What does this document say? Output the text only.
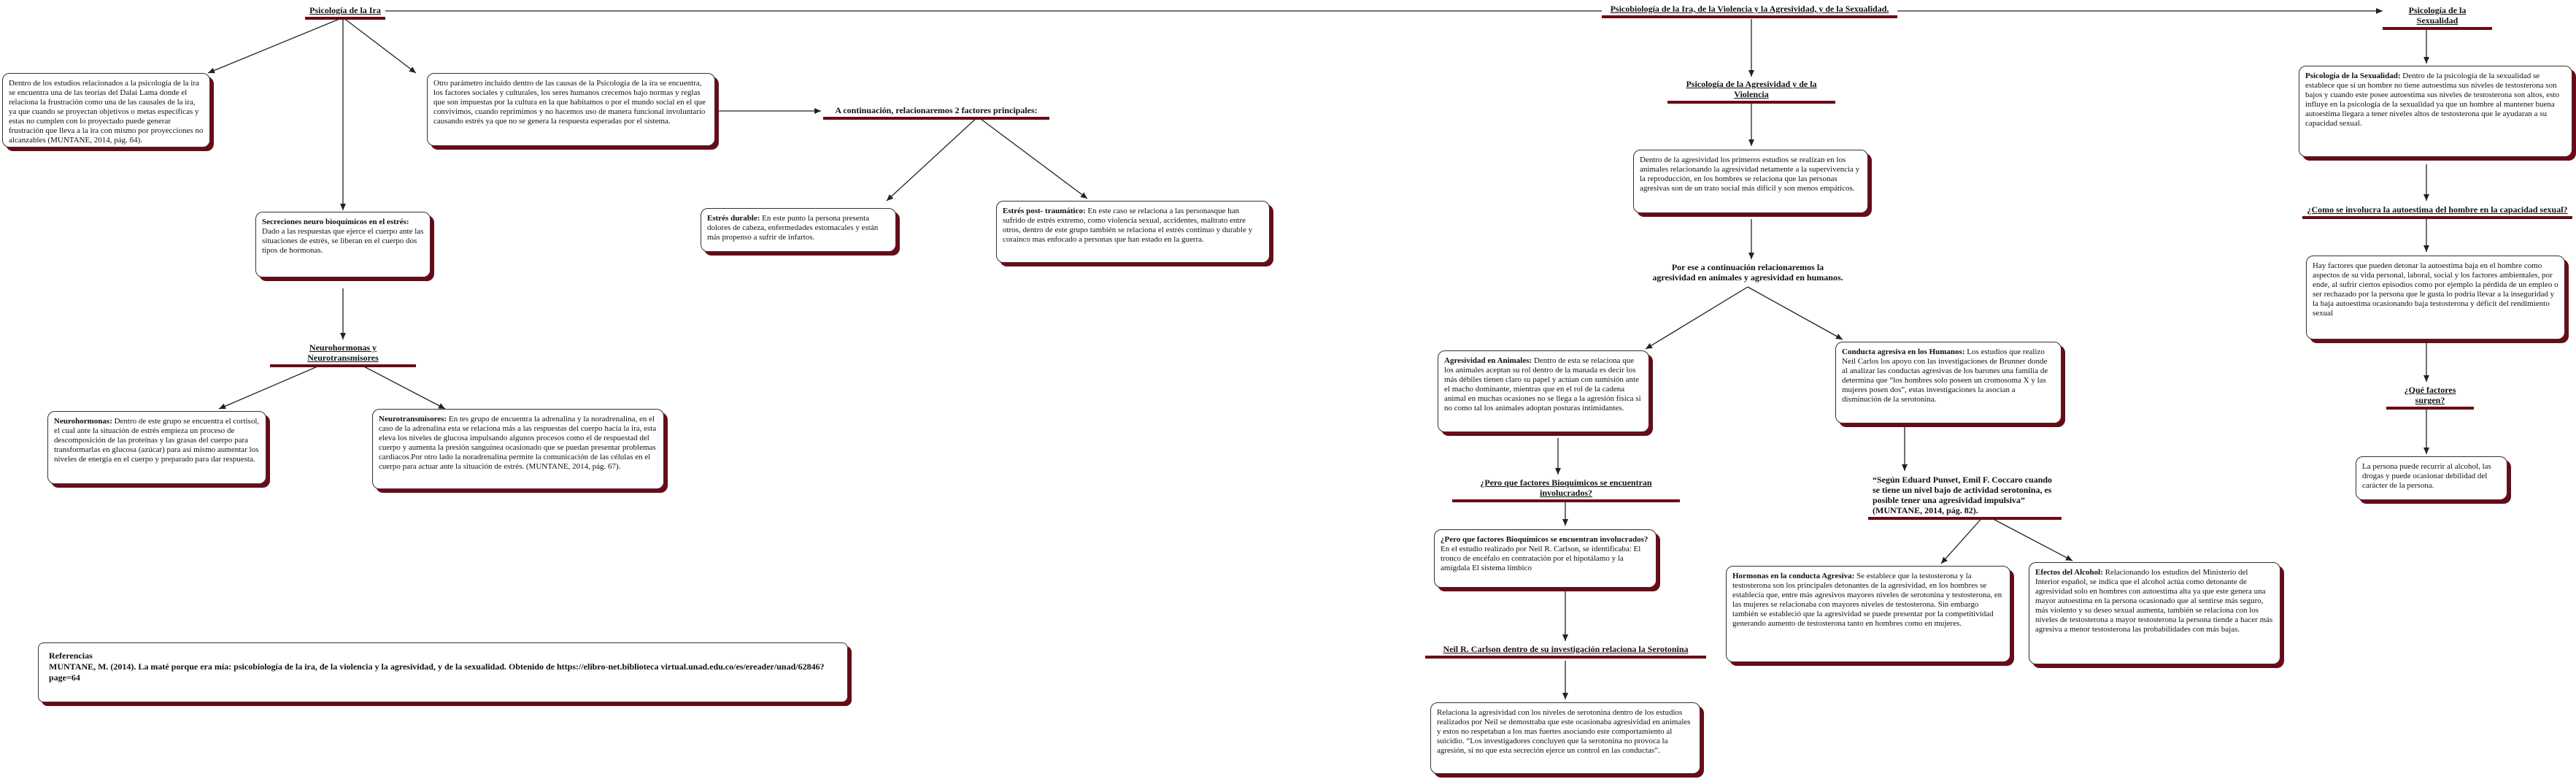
Psicología de la Ira	Psicobiología de la Ira, de la Violencia y la Agresividad, y de la Sexualidad.	Psicología de la Sexualidad
Dentro de los estudios relacionados a la psicología de la ira se encuentra una de las teorías del Dalai Lama donde el relaciona la frustración como una de las causales de la ira, ya que cuando se proyectan objetivos o metas específicas y estas no cumplen con lo proyectado puede generar frustración que lleva a la ira con mismo por proyecciones no alcanzables (MUNTANE, 2014, pág. 64).
Otro parámetro incluido dentro de las causas de la Psicología de la ira se encuentra, los factores sociales y culturales, los seres humanos crecemos bajo normas y reglas que son impuestas por la cultura en la que habitamos o por el mundo social en el que convivimos, cuando reprimimos y no hacemos uso de manera funcional involuntario causando estrés ya que no se genera la respuesta esperadas por el sistema.
A continuación, relacionaremos 2 factores principales:
Estrés durable: En este punto la persona presenta dolores de cabeza, enfermedades estomacales y están más propenso a sufrir de infartos.
Estrés post- traumático: En este caso se relaciona a las personasque han sufrido de estrés extremo, como violencia sexual, accidentes, maltrato entre otros, dentro de este grupo también se relaciona el estrés continuo y durable y coraínco mas enfocado a personas que han estado en la guerra.
Secreciones neuro bioquímicos en el estrés: Dado a las respuestas que ejerce el cuerpo ante las situaciones de estrés, se liberan en el cuerpo dos tipos de hormonas.
Neurohormonas y Neurotransmisores
Neurohormonas: Dentro de este grupo se encuentra el cortisol, el cual ante la situación de estrés empieza un proceso de descomposición de las proteínas y las grasas del cuerpo para transformarlas en glucosa (azúcar) para así mismo aumentar los niveles de energía en el cuerpo y preparado para dar respuesta.
Neurotransmisores: En tes grupo de encuentra la adrenalina y la noradrenalina, en el caso de la adrenalina esta se relaciona más a las respuestas del cuerpo hacia la ira, esta eleva los niveles de glucosa impulsando algunos procesos como el de respuestad del cuerpo y aumenta la presión sanguínea ocasionado que se puedan presentar problemas cardiacos.Por otro lado la noradrenalina permite la comunicación de las células en el cuerpo para actuar ante la situación de estrés. (MUNTANE, 2014, pág. 67).
Psicología de la Agresividad y de la Violencia
Dentro de la agresividad los primeros estudios se realizan en los animales relacionando la agresividad netamente a la supervivencia y la reproducción, en los hombres se relaciona que las personas agresivas son de un trato social más difícil y son menos empáticos.
Por ese a continuación relacionaremos la agresividad en animales y agresividad en humanos.
Agresividad en Animales: Dentro de esta se relaciona que los animales aceptan su rol dentro de la manada es decir los más débiles tienen claro su papel y actúan con sumisión ante el macho dominante, mientras que en el rol de la cadena animal en muchas ocasiones no se llega a la agresión física si no como tal los animales adoptan posturas intimidantes.
Conducta agresiva en los Humanos: Los estudios que realizo Neil Carlos los apoyo con las investigaciones de Brunner donde al analizar las conductas agresivas de los barones una familia de determina que “los hombres solo poseen un cromosoma X y las mujeres posen dos”, estas investigaciones la asocian a disminución de la serotonina.
¿Pero que factores Bioquímicos se encuentran involucrados?
¿Pero que factores Bioquímicos se encuentran involucrados? En el estudio realizado por Neil R. Carlson, se identificaba: El tronco de encéfalo en contratación por el hipotálamo y la amígdala El sistema límbico
Neil R. Carlson dentro de su investigación relaciona la Serotonina
Relaciona la agresividad con los niveles de serotonina dentro de los estudios realizados por Neil se demostraba que este ocasionaba agresividad en animales y estos no respetaban a los mas fuertes asociando este comportamiento al suicidio. “Los investigadores concluyen que la serotonina no provoca la agresión, si no que esta secreción ejerce un control en las conductas”.
“Según Eduard Punset, Emil F. Coccaro cuando se tiene un nivel bajo de actividad serotonina, es posible tener una agresividad impulsiva” (MUNTANE, 2014, pág. 82).
Hormonas en la conducta Agresiva: Se establece que la testosterona y la testosterona son los principales detonantes de la agresividad, en los hombres se establecía que, entre más agresivos mayores niveles de serotonina y testosterona, en las mujeres se relacionaba con mayores niveles de testosterona. Sin embargo también se estableció que la agresividad se puede presentar por la competitividad generando aumento de testosterona tanto en hombres como en mujeres.
Efectos del Alcohol: Relacionando los estudios del Ministerio del Interior español, se indica que el alcohol actúa como detonante de agresividad solo en hombres con autoestima alta ya que este genera una mayor autoestima en la persona ocasionado que al sentirse más seguro, más violento y su deseo sexual aumenta, también se relaciona con los niveles de testosterona a mayor testosterona la persona tiende a hacer más agresiva a menor testosterona las probabilidades con más bajas.
Psicología de la Sexualidad: Dentro de la psicología de la sexualidad se establece que si un hombre no tiene autoestima sus niveles de testosterona son bajos y cuando este posee autoestima sus niveles de testosterona son altos, esto influye en la psicología de la sexualidad ya que un hombre al mantener buena autoestima llegara a tener niveles altos de testosterona que le ayudaran a su capacidad sexual.
¿Como se involucra la autoestima del hombre en la capacidad sexual?
Hay factores que pueden detonar la autoestima baja en el hombre como aspectos de su vida personal, laboral, social y los factores ambientales, por ende, al sufrir ciertos episodios como por ejemplo la pérdida de un empleo o ser rechazado por la persona que le gusta lo podría llevar a la inseguridad y la baja autoestima ocasionando baja testosterona y déficit del rendimiento sexual
¿Qué factores surgen?
La persona puede recurrir al alcohol, las drogas y puede ocasionar debilidad del carácter de la persona.
Referencias
MUNTANE, M. (2014). La maté porque era mía: psicobiología de la ira, de la violencia y la agresividad, y de la sexualidad. Obtenido de https://elibro-net.biblioteca virtual.unad.edu.co/es/ereader/unad/62846?page=64
